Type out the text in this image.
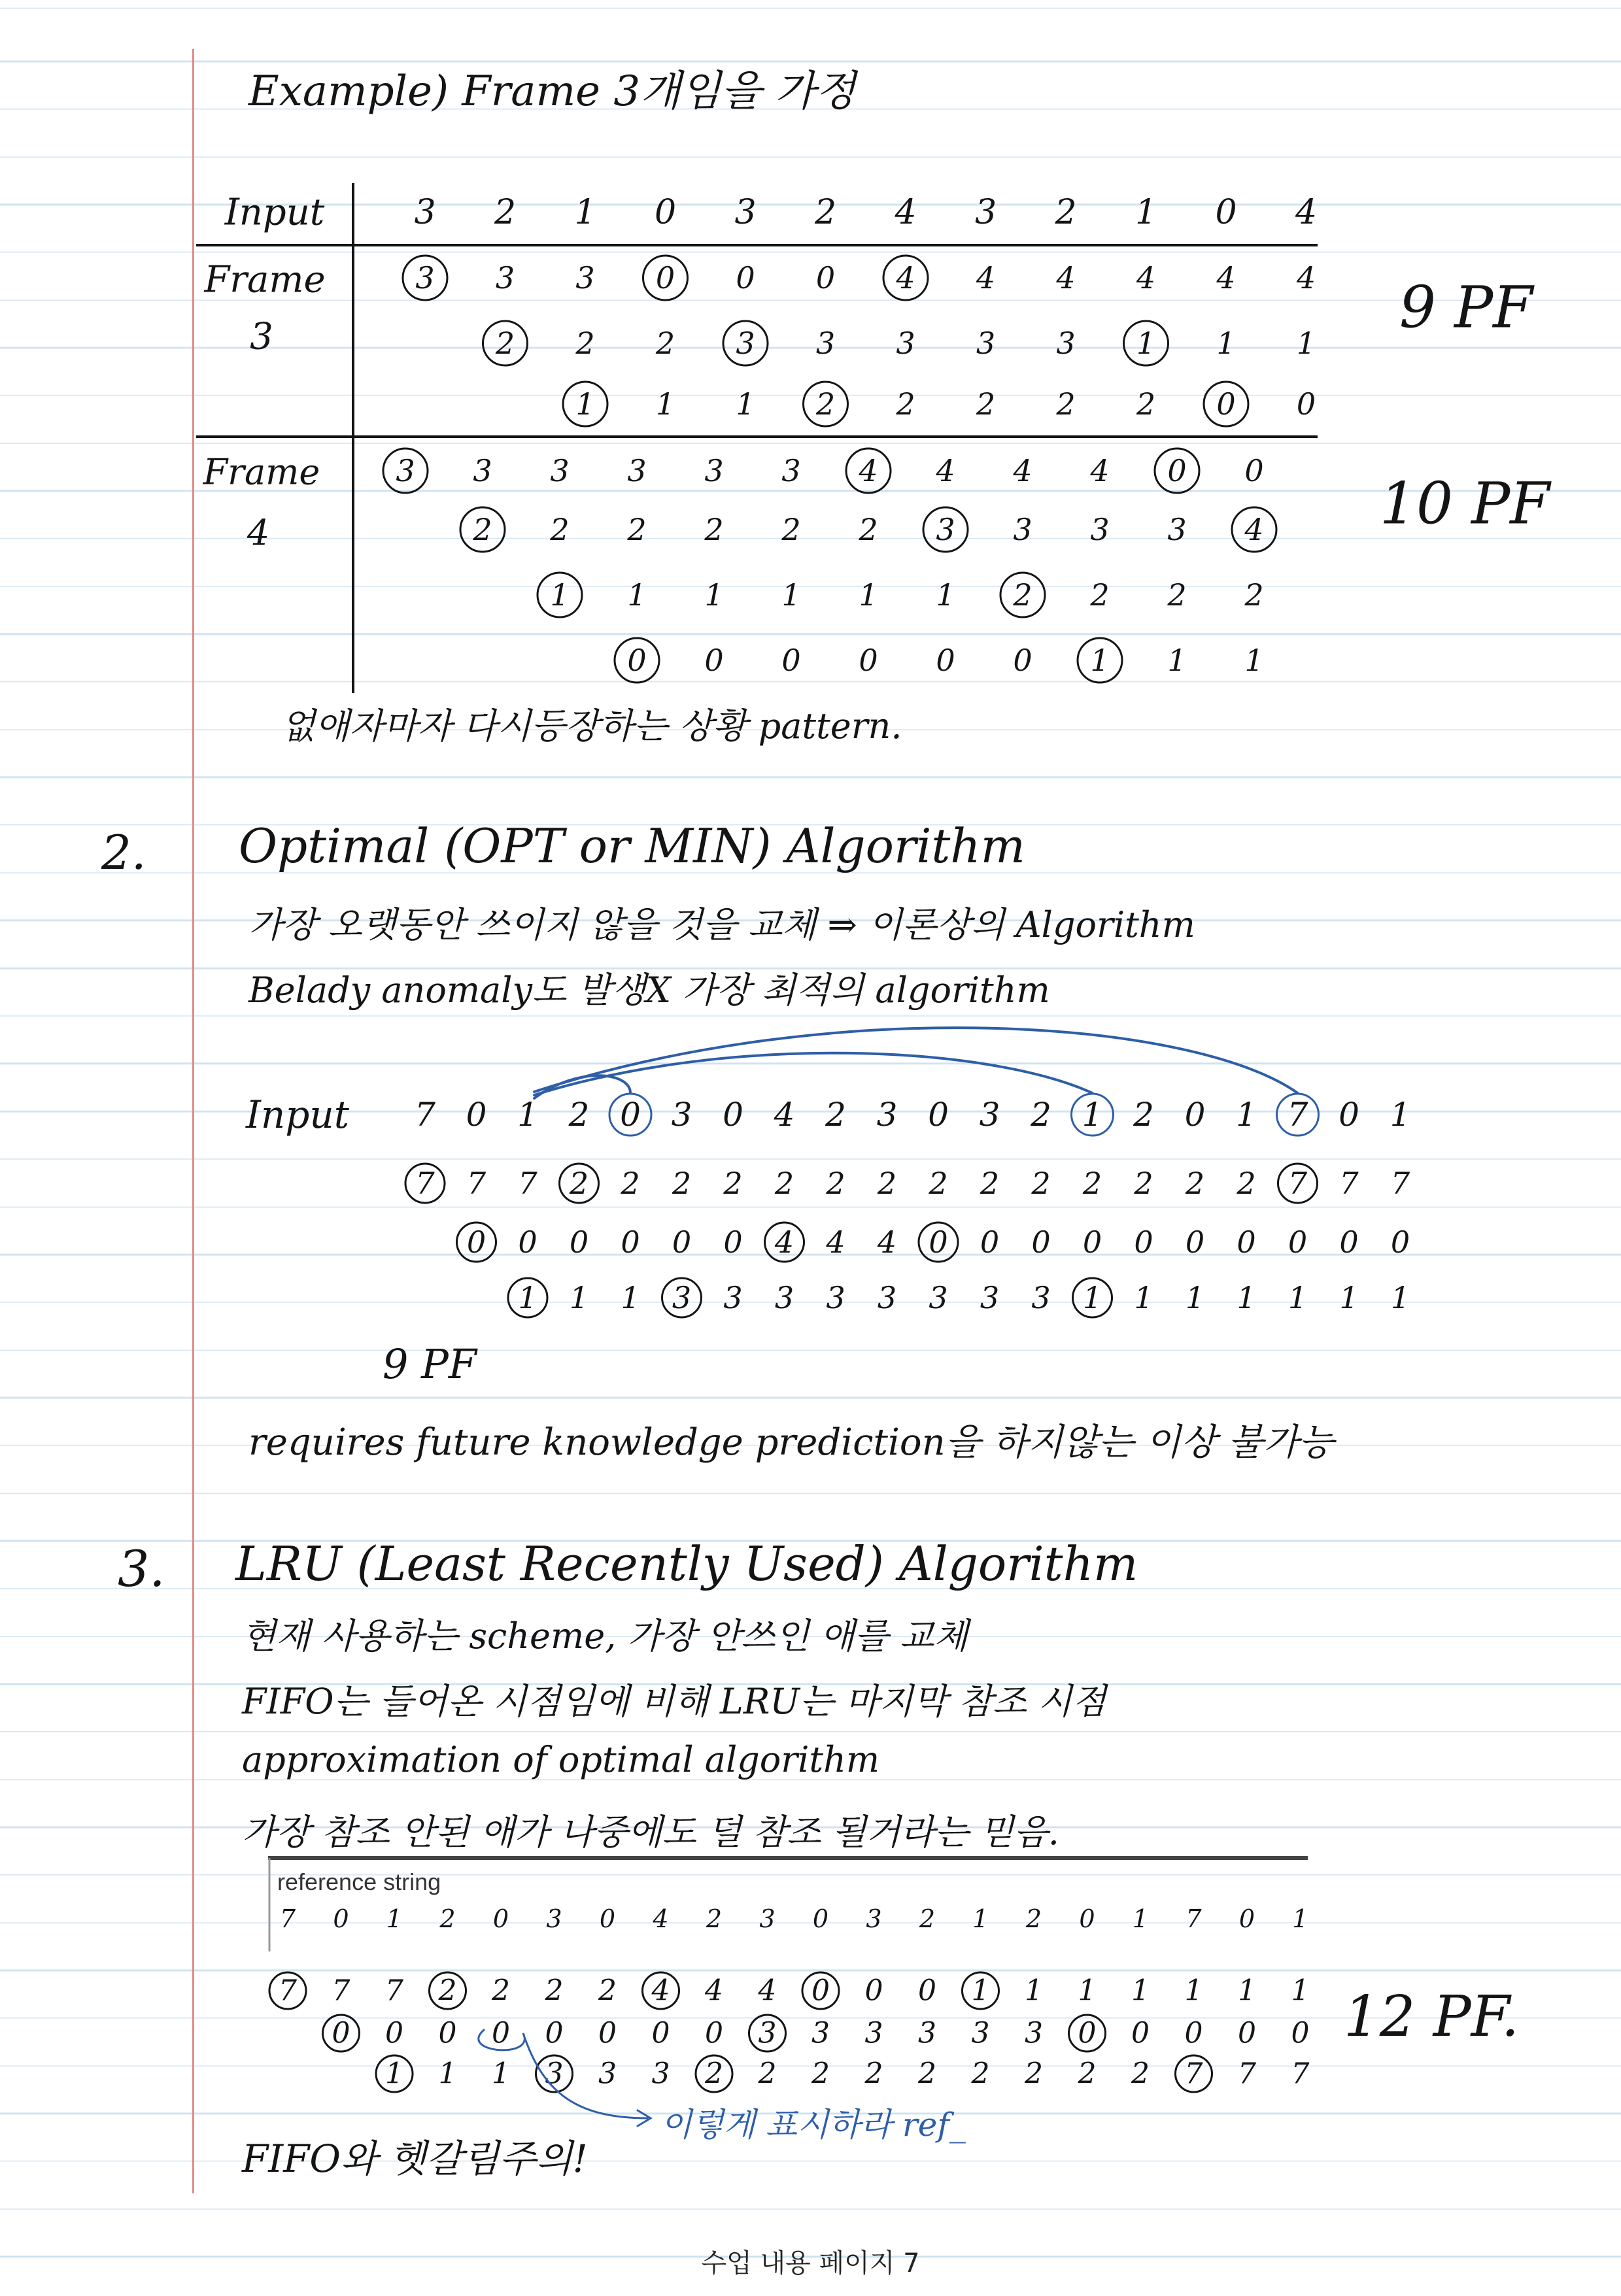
Example) Frame 3개임을 가정
Input	3 2 1 0 3 2 4 3 2 1 0 4
Frame
3
3 3 3 0 0 0 4 4 4 4 4 4
2 2 2 3 3 3 3 3 1 1 1
1 1 1 2 2 2 2 2 0 0
9 PF
Frame
4
3 3 3 3 3 3 4 4 4 4 0 0
2 2 2 2 2 2 3 3 3 3 4
1 1 1 1 1 1 2 2 2 2
0 0 0 0 0 0 1 1 1
10 PF
Input 7 0 1 2 0 3 0 4 2 3 0 3 2 1 2 0 1 7 0 1
7 7 7 2 2 2 2 2 2 2 2 2 2 2 2 2 2 7 7 7
0 0 0 0 0 0 4 4 4 0 0 0 0 0 0 0 0 0 0
1 1 1 3 3 3 3 3 3 3 3 1 1 1 1 1 1 1
7 0 1 2 0 3 0 4 2 3 0 3 2 1 2 0 1 7 0 1
7 7 7 2 2 2 2 4 4 4 0 0 0 1 1 1 1 1 1 1
0 0 0 0 0 0 0 0 3 3 3 3 3 3 0 0 0 0 0
1 1 1 3 3 3 2 2 2 2 2 2 2 2 2 7 7 7
12 PF.
없애자마자 다시등장하는 상황 pattern.
2. Optimal (OPT or MIN) Algorithm
가장 오랫동안 쓰이지 않을 것을 교체 ⇒ 이론상의 Algorithm
Belady anomaly도 발생X 가장 최적의 algorithm
9 PF
requires future knowledge prediction을 하지않는 이상 불가능
3. LRU (Least Recently Used) Algorithm
현재 사용하는 scheme, 가장 안쓰인 애를 교체
FIFO는 들어온 시점임에 비해 LRU는 마지막 참조 시점
approximation of optimal algorithm
가장 참조 안된 애가 나중에도 덜 참조 될거라는 믿음.
reference string
이렇게 표시하라 ref_
FIFO와 헷갈림주의!
수업 내용 페이지 7
